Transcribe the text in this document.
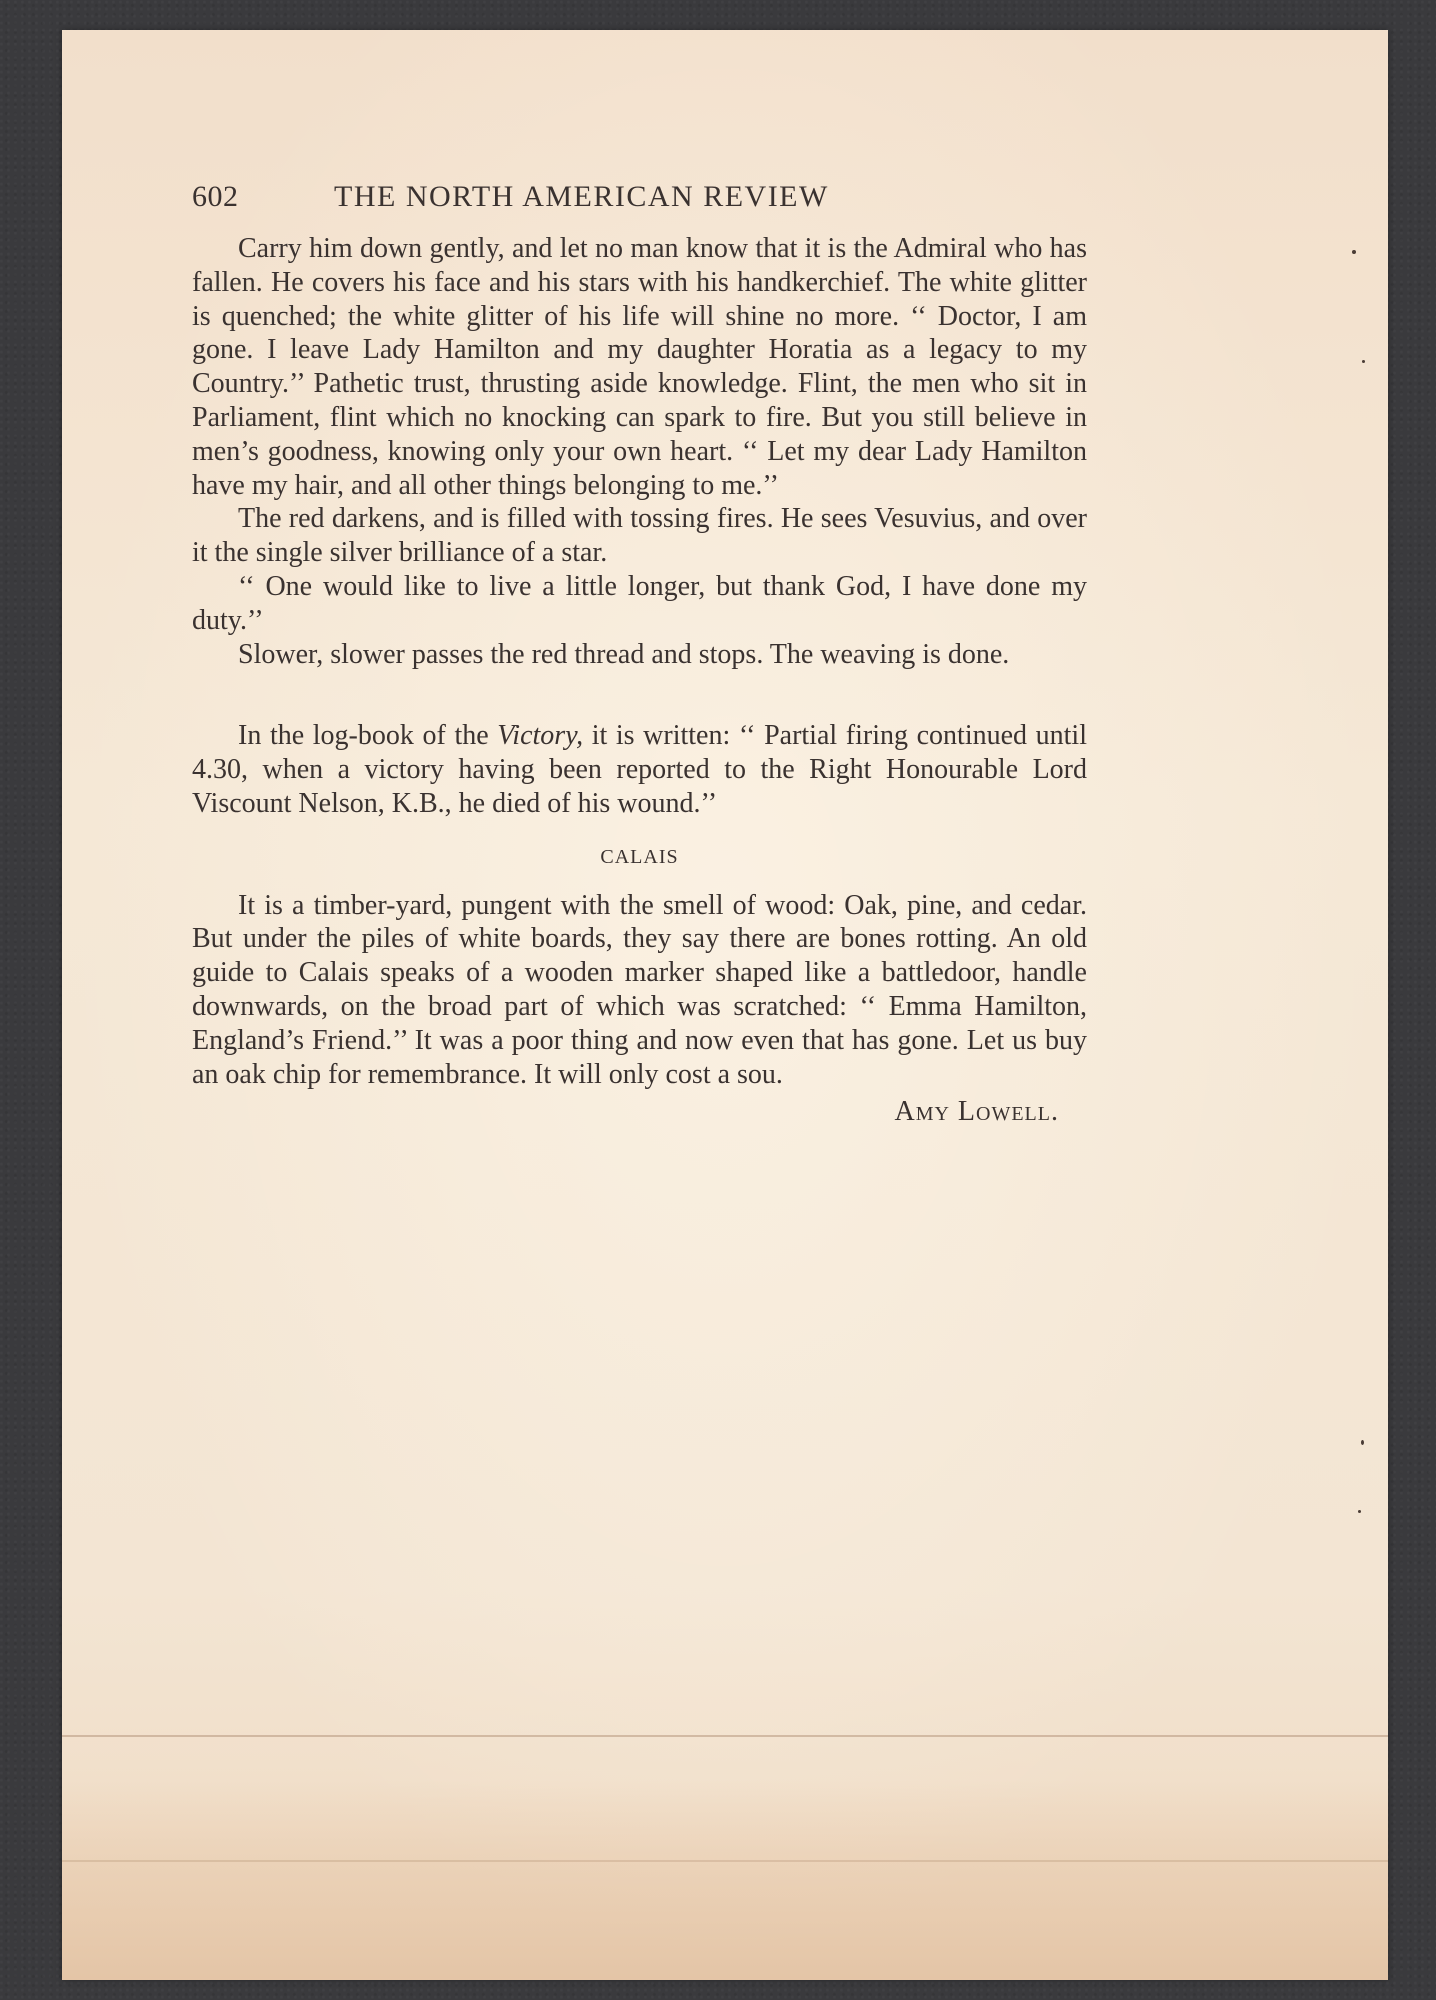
602	THE NORTH AMERICAN REVIEW

Carry him down gently, and let no man know that it is the Admiral who has fallen. He covers his face and his stars with his handkerchief. The white glitter is quenched; the white glitter of his life will shine no more. ‘‘ Doctor, I am gone. I leave Lady Hamilton and my daughter Horatia as a legacy to my Country.’’ Pathetic trust, thrusting aside knowledge. Flint, the men who sit in Parliament, flint which no knocking can spark to fire. But you still believe in men’s goodness, knowing only your own heart. ‘‘ Let my dear Lady Hamilton have my hair, and all other things belonging to me.’’

The red darkens, and is filled with tossing fires. He sees Vesuvius, and over it the single silver brilliance of a star.

‘‘ One would like to live a little longer, but thank God, I have done my duty.’’

Slower, slower passes the red thread and stops. The weaving is done.

In the log-book of the Victory, it is written: ‘‘ Partial firing continued until 4.30, when a victory having been reported to the Right Honourable Lord Viscount Nelson, K.B., he died of his wound.’’

CALAIS

It is a timber-yard, pungent with the smell of wood: Oak, pine, and cedar. But under the piles of white boards, they say there are bones rotting. An old guide to Calais speaks of a wooden marker shaped like a battledoor, handle downwards, on the broad part of which was scratched: ‘‘ Emma Hamilton, England’s Friend.’’ It was a poor thing and now even that has gone. Let us buy an oak chip for remembrance. It will only cost a sou.

Amy Lowell.
